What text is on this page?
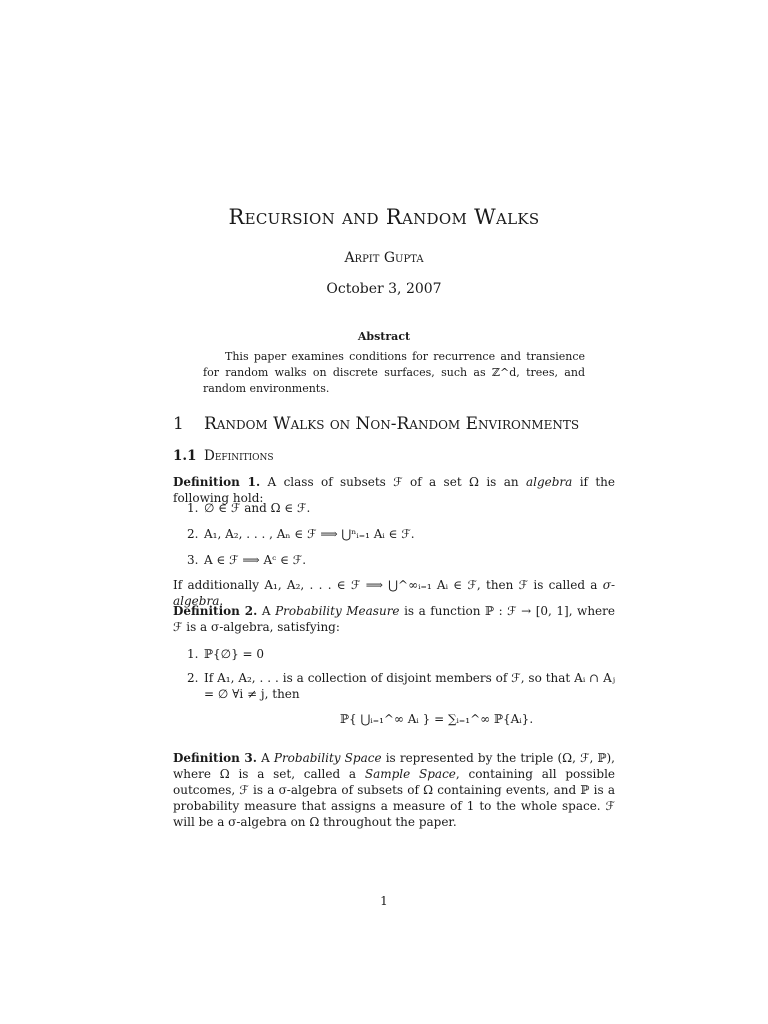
Recursion and Random Walks
Arpit Gupta
October 3, 2007
Abstract
This paper examines conditions for recurrence and transience for random walks on discrete surfaces, such as ℤ^d, trees, and random environments.
1 Random Walks on Non-Random Environments
1.1 Definitions
Definition 1. A class of subsets ℱ of a set Ω is an algebra if the following hold:
1. ∅ ∈ ℱ and Ω ∈ ℱ.
2. A₁, A₂, . . . , Aₙ ∈ ℱ ⟹ ⋃ⁿᵢ₌₁ Aᵢ ∈ ℱ.
3. A ∈ ℱ ⟹ Aᶜ ∈ ℱ.
If additionally A₁, A₂, . . . ∈ ℱ ⟹ ⋃^∞ᵢ₌₁ Aᵢ ∈ ℱ, then ℱ is called a σ-algebra.
Definition 2. A Probability Measure is a function ℙ : ℱ → [0, 1], where ℱ is a σ-algebra, satisfying:
1. ℙ{∅} = 0
2. If A₁, A₂, . . . is a collection of disjoint members of ℱ, so that Aᵢ ∩ Aⱼ = ∅ ∀i ≠ j, then
ℙ{ ⋃ᵢ₌₁^∞ Aᵢ } = ∑ᵢ₌₁^∞ ℙ{Aᵢ}.
Definition 3. A Probability Space is represented by the triple (Ω, ℱ, ℙ), where Ω is a set, called a Sample Space, containing all possible outcomes, ℱ is a σ-algebra of subsets of Ω containing events, and ℙ is a probability measure that assigns a measure of 1 to the whole space. ℱ will be a σ-algebra on Ω throughout the paper.
1
